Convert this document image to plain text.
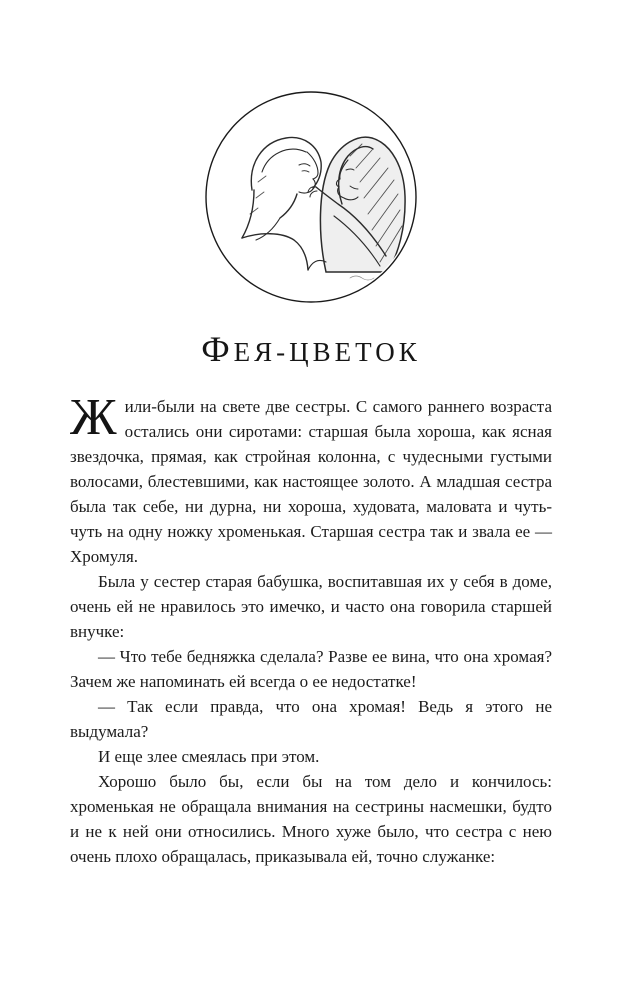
ФЕЯ-ЦВЕТОК

Жили-были на свете две сестры. С самого раннего возраста остались они сиротами: старшая была хороша, как ясная звездочка, прямая, как стройная колонна, с чудесными густыми волосами, блестевшими, как настоящее золото. А младшая сестра была так себе, ни дурна, ни хороша, худовата, маловата и чуть-чуть на одну ножку хроменькая. Старшая сестра так и звала ее — Хромуля.

Была у сестер старая бабушка, воспитавшая их у себя в доме, очень ей не нравилось это имечко, и часто она говорила старшей внучке:

— Что тебе бедняжка сделала? Разве ее вина, что она хромая? Зачем же напоминать ей всегда о ее недостатке!

— Так если правда, что она хромая! Ведь я этого не выдумала?

И еще злее смеялась при этом.

Хорошо было бы, если бы на том дело и кончилось: хроменькая не обращала внимания на сестрины насмешки, будто и не к ней они относились. Много хуже было, что сестра с нею очень плохо обращалась, приказывала ей, точно служанке:
